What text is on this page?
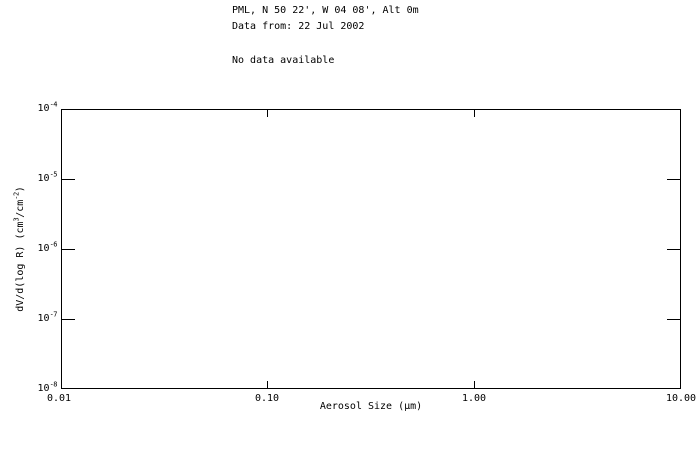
PML, N 50 22', W 04 08', Alt 0m
Data from: 22 Jul 2002
No data available
$10^{-4}$
$10^{-5}$
$10^{-6}$
$10^{-7}$
$10^{-8}$
0.01	0.10	1.00	10.00
Aerosol Size (μm)
dV/d(log R) $(cm^3/cm^{-2})$
